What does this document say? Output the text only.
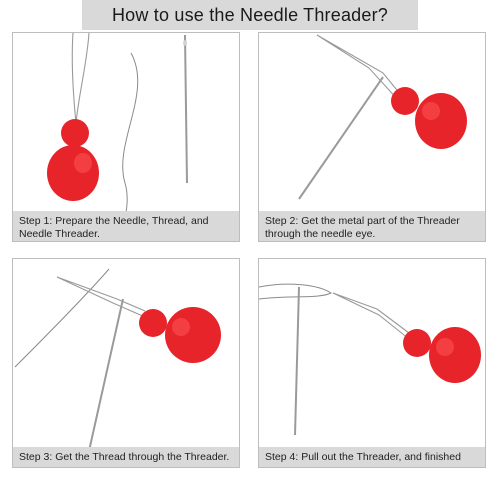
How to use the Needle Threader?
Step 1: Prepare the Needle, Thread, and Needle Threader.
Step 2: Get the metal part of the Threader through the needle eye.
Step 3: Get the Thread through the Threader.	Step 4: Pull out the Threader, and finished
